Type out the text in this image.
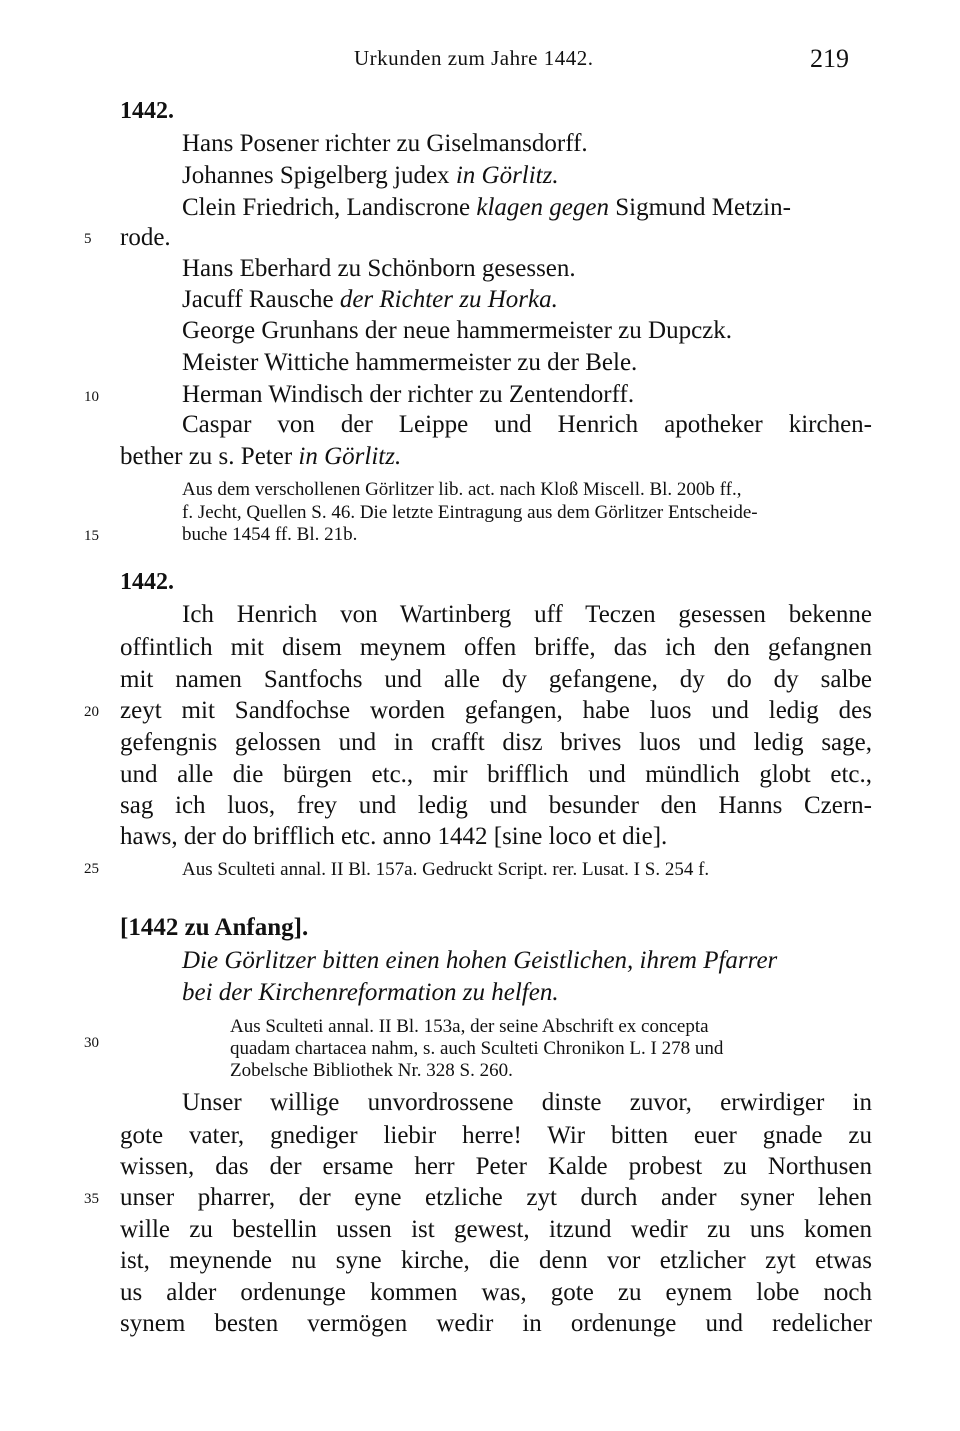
Urkunden zum Jahre 1442.	219
5
10
15
20
25
30
35
1442.
Hans Posener richter zu Giselmansdorff.
Johannes Spigelberg judex in Görlitz.
Clein Friedrich, Landiscrone klagen gegen Sigmund Metzin-
rode.
Hans Eberhard zu Schönborn gesessen.
Jacuff Rausche der Richter zu Horka.
George Grunhans der neue hammermeister zu Dupczk.
Meister Wittiche hammermeister zu der Bele.
Herman Windisch der richter zu Zentendorff.
Caspar von der Leippe und Henrich apotheker kirchen-
bether zu s. Peter in Görlitz.
Aus dem verschollenen Görlitzer lib. act. nach Kloß Miscell. Bl. 200b ff.,
f. Jecht, Quellen S. 46. Die letzte Eintragung aus dem Görlitzer Entscheide-
buche 1454 ff. Bl. 21b.
1442.
Ich Henrich von Wartinberg uff Teczen gesessen bekenne
offintlich mit disem meynem offen briffe, das ich den gefangnen
mit namen Santfochs und alle dy gefangene, dy do dy salbe
zeyt mit Sandfochse worden gefangen, habe luos und ledig des
gefengnis gelossen und in crafft disz brives luos und ledig sage,
und alle die bürgen etc., mir brifflich und mündlich globt etc.,
sag ich luos, frey und ledig und besunder den Hanns Czern-
haws, der do brifflich etc. anno 1442 [sine loco et die].
Aus Sculteti annal. II Bl. 157a. Gedruckt Script. rer. Lusat. I S. 254 f.
[1442 zu Anfang].
Die Görlitzer bitten einen hohen Geistlichen, ihrem Pfarrer
bei der Kirchenreformation zu helfen.
Aus Sculteti annal. II Bl. 153a, der seine Abschrift ex concepta
quadam chartacea nahm, s. auch Sculteti Chronikon L. I 278 und
Zobelsche Bibliothek Nr. 328 S. 260.
Unser willige unvordrossene dinste zuvor, erwirdiger in
gote vater, gnediger liebir herre! Wir bitten euer gnade zu
wissen, das der ersame herr Peter Kalde probest zu Northusen
unser pharrer, der eyne etzliche zyt durch ander syner lehen
wille zu bestellin ussen ist gewest, itzund wedir zu uns komen
ist, meynende nu syne kirche, die denn vor etzlicher zyt etwas
us alder ordenunge kommen was, gote zu eynem lobe noch
synem besten vermögen wedir in ordenunge und redelicher
